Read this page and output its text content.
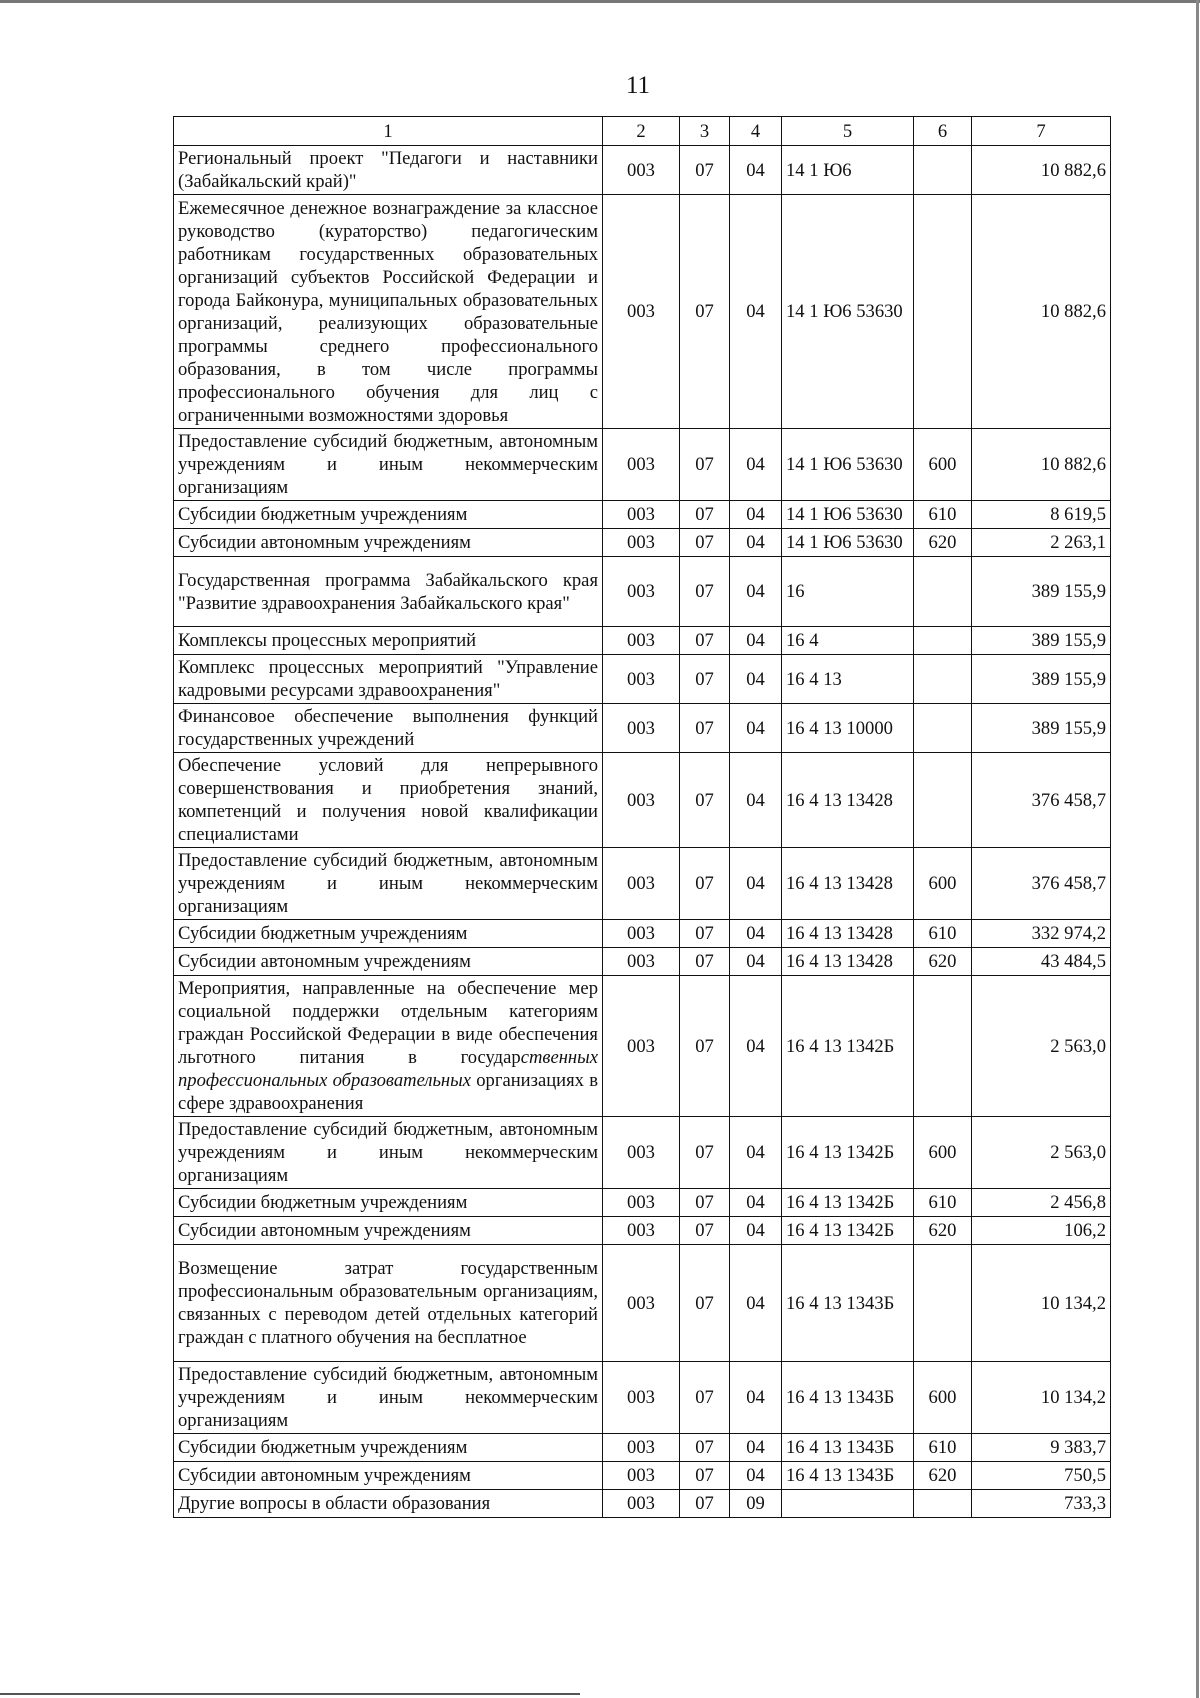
11
1	2	3	4	5	6	7
Региональный проект "Педагоги и наставники (Забайкальский край)"	003	07	04	14 1 Ю6		10 882,6
Ежемесячное денежное вознаграждение за классное руководство (кураторство) педагогическим работникам государственных образовательных организаций субъектов Российской Федерации и города Байконура, муниципальных образовательных организаций, реализующих образовательные программы среднего профессионального образования, в том числе программы профессионального обучения для лиц с ограниченными возможностями здоровья	003	07	04	14 1 Ю6 53630		10 882,6
Предоставление субсидий бюджетным, автономным учреждениям и иным некоммерческим организациям	003	07	04	14 1 Ю6 53630	600	10 882,6
Субсидии бюджетным учреждениям	003	07	04	14 1 Ю6 53630	610	8 619,5
Субсидии автономным учреждениям	003	07	04	14 1 Ю6 53630	620	2 263,1
Государственная программа Забайкальского края "Развитие здравоохранения Забайкальского края"	003	07	04	16		389 155,9
Комплексы процессных мероприятий	003	07	04	16 4		389 155,9
Комплекс процессных мероприятий "Управление кадровыми ресурсами здравоохранения"	003	07	04	16 4 13		389 155,9
Финансовое обеспечение выполнения функций государственных учреждений	003	07	04	16 4 13 10000		389 155,9
Обеспечение условий для непрерывного совершенствования и приобретения знаний, компетенций и получения новой квалификации специалистами	003	07	04	16 4 13 13428		376 458,7
Предоставление субсидий бюджетным, автономным учреждениям и иным некоммерческим организациям	003	07	04	16 4 13 13428	600	376 458,7
Субсидии бюджетным учреждениям	003	07	04	16 4 13 13428	610	332 974,2
Субсидии автономным учреждениям	003	07	04	16 4 13 13428	620	43 484,5
Мероприятия, направленные на обеспечение мер социальной поддержки отдельным категориям граждан Российской Федерации в виде обеспечения льготного питания в государственных профессиональных образовательных организациях в сфере здравоохранения	003	07	04	16 4 13 1342Б		2 563,0
Предоставление субсидий бюджетным, автономным учреждениям и иным некоммерческим организациям	003	07	04	16 4 13 1342Б	600	2 563,0
Субсидии бюджетным учреждениям	003	07	04	16 4 13 1342Б	610	2 456,8
Субсидии автономным учреждениям	003	07	04	16 4 13 1342Б	620	106,2
Возмещение затрат государственным профессиональным образовательным организациям, связанных с переводом детей отдельных категорий граждан с платного обучения на бесплатное	003	07	04	16 4 13 1343Б		10 134,2
Предоставление субсидий бюджетным, автономным учреждениям и иным некоммерческим организациям	003	07	04	16 4 13 1343Б	600	10 134,2
Субсидии бюджетным учреждениям	003	07	04	16 4 13 1343Б	610	9 383,7
Субсидии автономным учреждениям	003	07	04	16 4 13 1343Б	620	750,5
Другие вопросы в области образования	003	07	09			733,3
